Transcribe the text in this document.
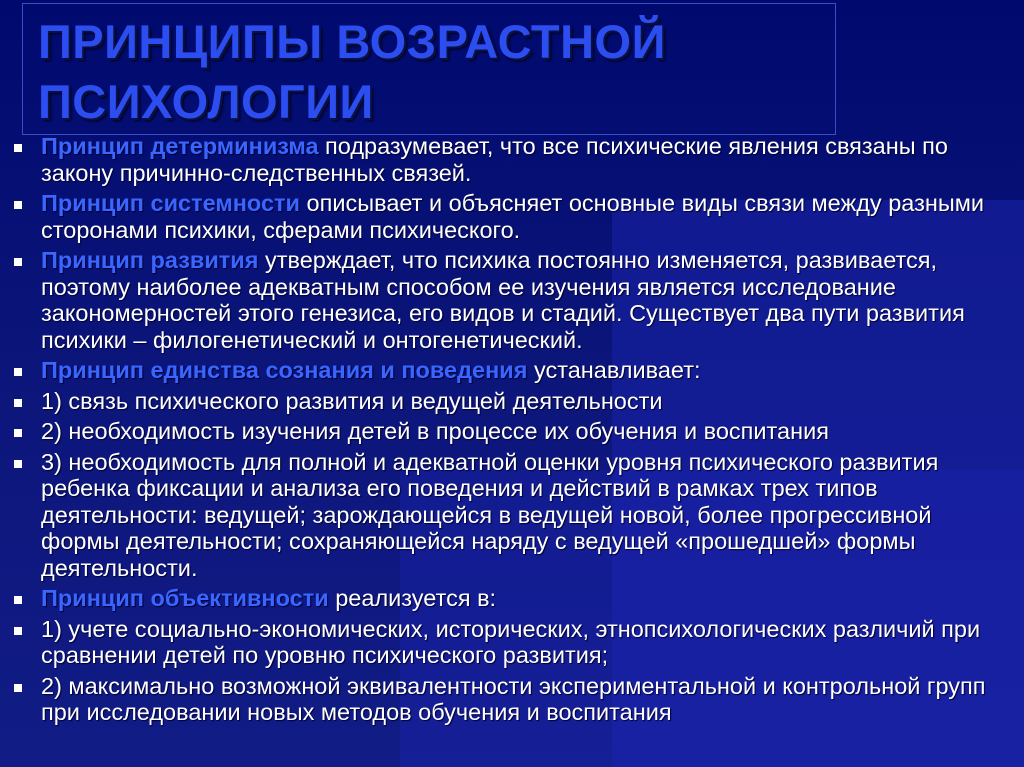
ПРИНЦИПЫ ВОЗРАСТНОЙ
ПСИХОЛОГИИ
Принцип детерминизма подразумевает, что все психические явления связаны по закону причинно-следственных связей.
Принцип системности описывает и объясняет основные виды связи между разными сторонами психики, сферами психического.
Принцип развития утверждает, что психика постоянно изменяется, развивается, поэтому наиболее адекватным способом ее изучения является исследование закономерностей этого генезиса, его видов и стадий. Существует два пути развития психики – филогенетический и онтогенетический.
Принцип единства сознания и поведения устанавливает:
1) связь психического развития и ведущей деятельности
2) необходимость изучения детей в процессе их обучения и воспитания
3) необходимость для полной и адекватной оценки уровня психического развития ребенка фиксации и анализа его поведения и действий в рамках трех типов деятельности: ведущей; зарождающейся в ведущей новой, более прогрессивной формы деятельности; сохраняющейся наряду с ведущей «прошедшей» формы деятельности.
Принцип объективности реализуется в:
1) учете социально-экономических, исторических, этнопсихологических различий при сравнении детей по уровню психического развития;
2) максимально возможной эквивалентности экспериментальной и контрольной групп при исследовании новых методов обучения и воспитания
